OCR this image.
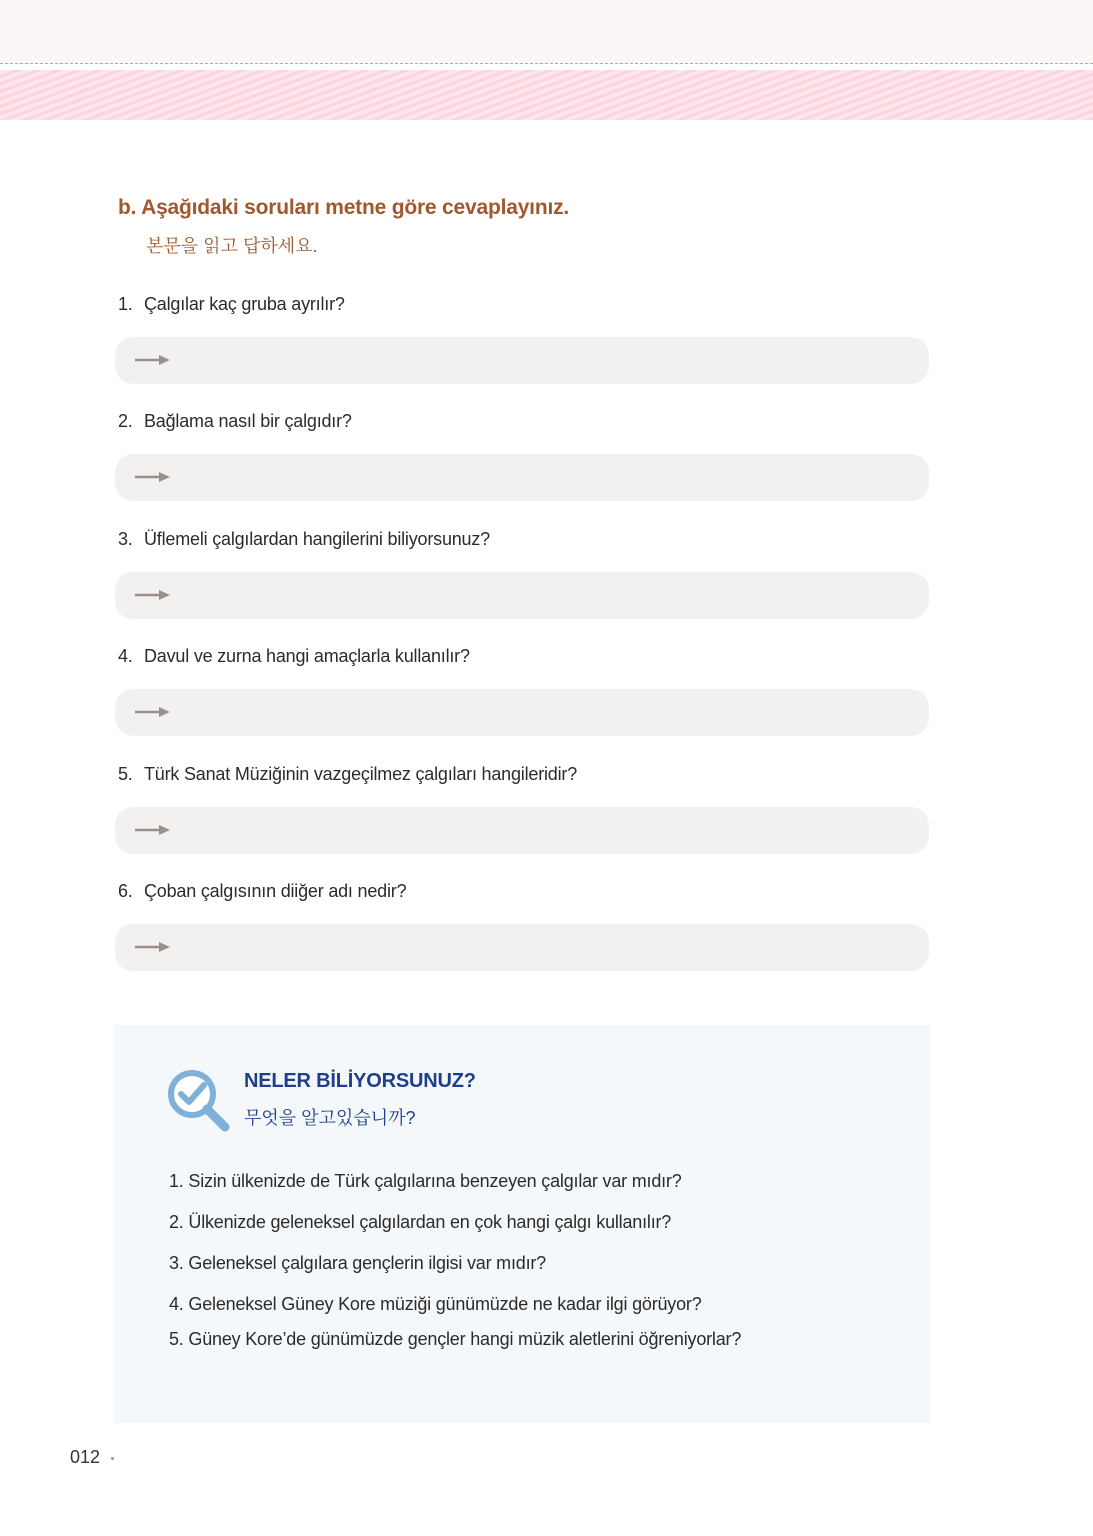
b. Aşağıdaki soruları metne göre cevaplayınız.
본문을 읽고 답하세요.
1. Çalgılar kaç gruba ayrılır?
2. Bağlama nasıl bir çalgıdır?
3. Üflemeli çalgılardan hangilerini biliyorsunuz?
4. Davul ve zurna hangi amaçlarla kullanılır?
5. Türk Sanat Müziğinin vazgeçilmez çalgıları hangileridir?
6. Çoban çalgısının diiğer adı nedir?
NELER BİLİYORSUNUZ?
무엇을 알고있습니까?
1. Sizin ülkenizde de Türk çalgılarına benzeyen çalgılar var mıdır?
2. Ülkenizde geleneksel çalgılardan en çok hangi çalgı kullanılır?
3. Geleneksel çalgılara gençlerin ilgisi var mıdır?
4. Geleneksel Güney Kore müziği günümüzde ne kadar ilgi görüyor?
5. Güney Kore’de günümüzde gençler hangi müzik aletlerini öğreniyorlar?
012
